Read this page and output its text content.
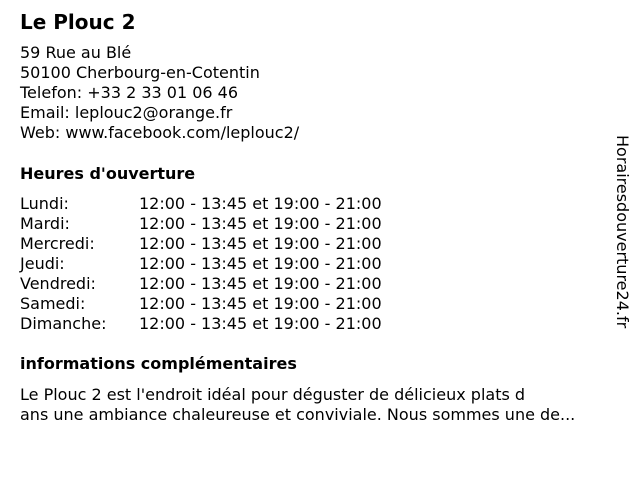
Le Plouc 2
59 Rue au Blé
50100 Cherbourg-en-Cotentin
Telefon: +33 2 33 01 06 46
Email: leplouc2@orange.fr
Web: www.facebook.com/leplouc2/
Heures d'ouverture
Lundi:	12:00 - 13:45 et 19:00 - 21:00
Mardi:	12:00 - 13:45 et 19:00 - 21:00
Mercredi:	12:00 - 13:45 et 19:00 - 21:00
Jeudi:	12:00 - 13:45 et 19:00 - 21:00
Vendredi:	12:00 - 13:45 et 19:00 - 21:00
Samedi:	12:00 - 13:45 et 19:00 - 21:00
Dimanche:	12:00 - 13:45 et 19:00 - 21:00
informations complémentaires
Le Plouc 2 est l'endroit idéal pour déguster de délicieux plats d
ans une ambiance chaleureuse et conviviale. Nous sommes une de...
Horairesdouverture24.fr
